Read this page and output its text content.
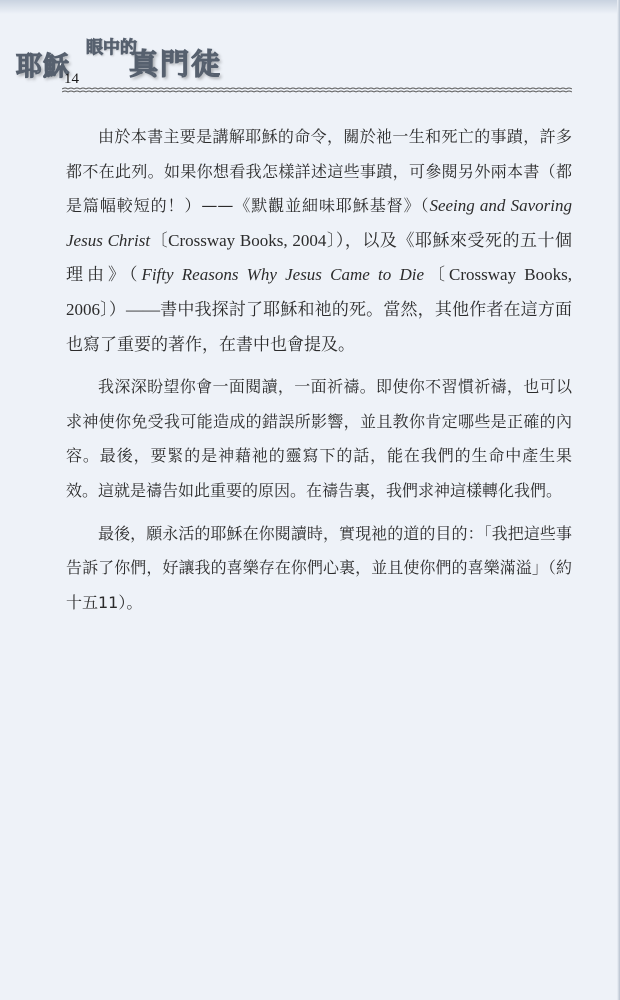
耶穌
眼中的
真門徒
14

由於本書主要是講解耶穌的命令，關於祂一生和死亡的事蹟，許多都不在此列。如果你想看我怎樣詳述這些事蹟，可參閱另外兩本書（都是篇幅較短的！）——《默觀並細味耶穌基督》（Seeing and Savoring Jesus Christ〔Crossway Books, 2004〕），以及《耶穌來受死的五十個理由》（Fifty Reasons Why Jesus Came to Die〔Crossway Books, 2006〕）——書中我探討了耶穌和祂的死。當然，其他作者在這方面也寫了重要的著作，在書中也會提及。

我深深盼望你會一面閱讀，一面祈禱。即使你不習慣祈禱，也可以求神使你免受我可能造成的錯誤所影響，並且教你肯定哪些是正確的內容。最後，要緊的是神藉祂的靈寫下的話，能在我們的生命中產生果效。這就是禱告如此重要的原因。在禱告裏，我們求神這樣轉化我們。

最後，願永活的耶穌在你閱讀時，實現祂的道的目的：「我把這些事告訴了你們，好讓我的喜樂存在你們心裏，並且使你們的喜樂滿溢」（約十五11）。
